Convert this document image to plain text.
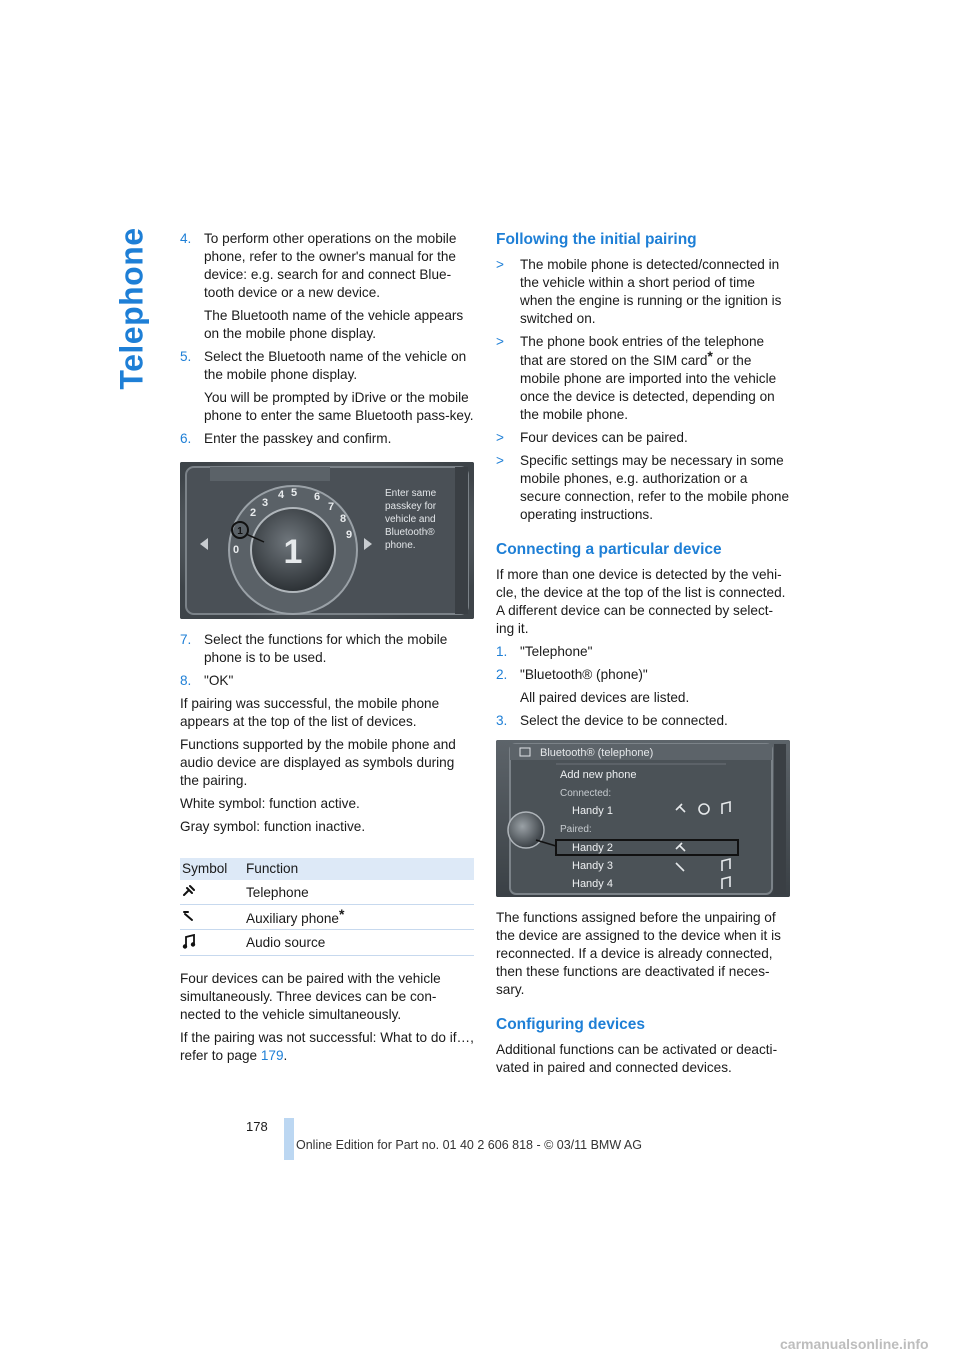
Telephone 4. To perform other operations on the mobile phone, refer to the owner's manual for the device: e.g. search for and connect Blue-tooth device or a new device.
The Bluetooth name of the vehicle appears on the mobile phone display.
5. Select the Bluetooth name of the vehicle on the mobile phone display.
You will be prompted by iDrive or the mobile phone to enter the same Bluetooth pass-key.
6. Enter the passkey and confirm.
1
2
3
4 5 6
7
8
9
0
1
Enter same
passkey for
vehicle and
Bluetooth®
phone.
7. Select the functions for which the mobile phone is to be used.
8. "OK"
If pairing was successful, the mobile phone appears at the top of the list of devices.
Functions supported by the mobile phone and audio device are displayed as symbols during the pairing.
White symbol: function active.
Gray symbol: function inactive.
Symbol	Function
Telephone
Auxiliary phone*
Audio source
Four devices can be paired with the vehicle simultaneously. Three devices can be con-nected to the vehicle simultaneously.
If the pairing was not successful: What to do if…, refer to page 179.
Following the initial pairing
>	The mobile phone is detected/connected in the vehicle within a short period of time when the engine is running or the ignition is switched on.
>	The phone book entries of the telephone that are stored on the SIM card* or the mobile phone are imported into the vehicle once the device is detected, depending on the mobile phone.
>	Four devices can be paired.
>	Specific settings may be necessary in some mobile phones, e.g. authorization or a secure connection, refer to the mobile phone operating instructions.
Connecting a particular device
If more than one device is detected by the vehi-cle, the device at the top of the list is connected. A different device can be connected by select-ing it.
1. "Telephone"
2. "Bluetooth® (phone)"
All paired devices are listed.
3. Select the device to be connected.
Bluetooth® (telephone)
Add new phone
Connected:
Handy 1
Paired:
Handy 2
Handy 3
Handy 4
The functions assigned before the unpairing of the device are assigned to the device when it is reconnected. If a device is already connected, then these functions are deactivated if neces-sary.
Configuring devices
Additional functions can be activated or deacti-vated in paired and connected devices.
178
Online Edition for Part no. 01 40 2 606 818 - © 03/11 BMW AG
carmanualsonline.info
